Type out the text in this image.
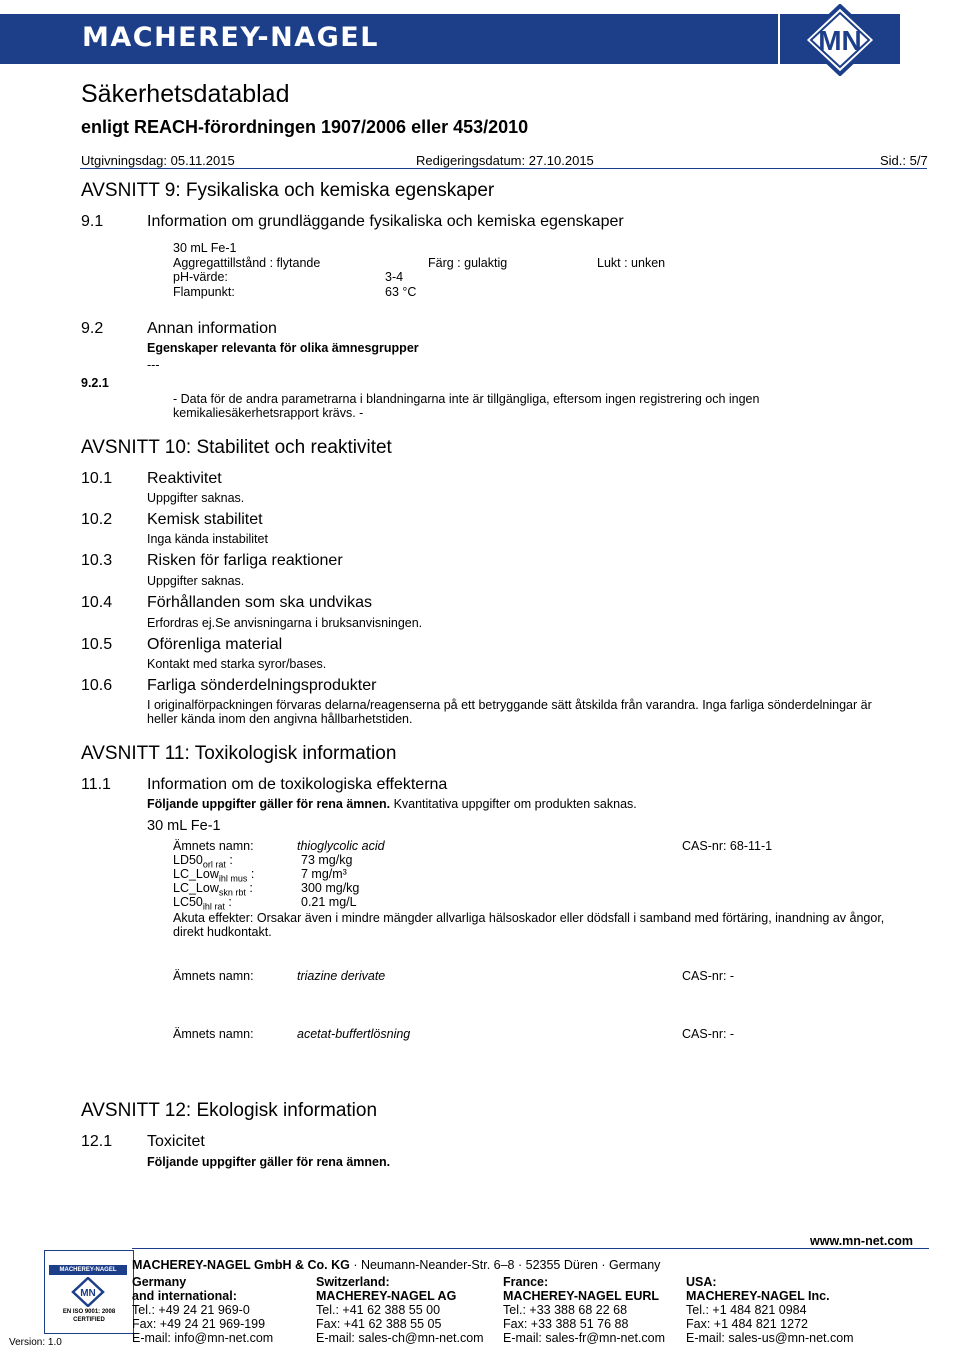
MACHEREY-NAGEL	MN
Säkerhetsdatablad
enligt REACH-förordningen 1907/2006 eller 453/2010
Utgivningsdag: 05.11.2015	Redigeringsdatum: 27.10.2015	Sid.: 5/7
AVSNITT 9: Fysikaliska och kemiska egenskaper
9.1	Information om grundläggande fysikaliska och kemiska egenskaper
30 mL Fe-1
Aggregattillstånd : flytande	Färg : gulaktig	Lukt : unken
pH-värde:	3-4
Flampunkt:	63 °C
9.2	Annan information
Egenskaper relevanta för olika ämnesgrupper
---
9.2.1
- Data för de andra parametrarna i blandningarna inte är tillgängliga, eftersom ingen registrering och ingen
kemikaliesäkerhetsrapport krävs. -
AVSNITT 10: Stabilitet och reaktivitet
10.1 Reaktivitet
Uppgifter saknas.
10.2 Kemisk stabilitet
Inga kända instabilitet
10.3 Risken för farliga reaktioner
Uppgifter saknas.
10.4 Förhållanden som ska undvikas
Erfordras ej.Se anvisningarna i bruksanvisningen.
10.5 Oförenliga material
Kontakt med starka syror/bases.
10.6 Farliga sönderdelningsprodukter
I originalförpackningen förvaras delarna/reagenserna på ett betryggande sätt åtskilda från varandra. Inga farliga sönderdelningar är
heller kända inom den angivna hållbarhetstiden.
AVSNITT 11: Toxikologisk information
11.1 Information om de toxikologiska effekterna
Följande uppgifter gäller för rena ämnen. Kvantitativa uppgifter om produkten saknas.
30 mL Fe-1
Ämnets namn:	thioglycolic acid	CAS-nr: 68-11-1
$LD50_{orl rat}$ :	73 mg/kg
LC_Low$_{ihl mus}$ :	7 mg/m³
LC_Low$_{skn rbt}$ :	300 mg/kg
$LC50_{ihl rat}$ :	0.21 mg/L
Akuta effekter: Orsakar även i mindre mängder allvarliga hälsoskador eller dödsfall i samband med förtäring, inandning av ångor,
direkt hudkontakt.
Ämnets namn:	triazine derivate	CAS-nr: -
Ämnets namn:	acetat-buffertlösning	CAS-nr: -
AVSNITT 12: Ekologisk information
12.1 Toxicitet
Följande uppgifter gäller för rena ämnen.
MACHEREY-NAGEL
MN
EN ISO 9001: 2008
CERTIFIED
Version: 1.0
www.mn-net.com
MACHEREY-NAGEL GmbH & Co. KG · Neumann-Neander-Str. 6–8 · 52355 Düren · Germany
Germany
and international:
Tel.: +49 24 21 969-0
Fax: +49 24 21 969-199
E-mail: info@mn-net.com
Switzerland:
MACHEREY-NAGEL AG
Tel.: +41 62 388 55 00
Fax: +41 62 388 55 05
E-mail: sales-ch@mn-net.com
France:
MACHEREY-NAGEL EURL
Tel.: +33 388 68 22 68
Fax: +33 388 51 76 88
E-mail: sales-fr@mn-net.com
USA:
MACHEREY-NAGEL Inc.
Tel.: +1 484 821 0984
Fax: +1 484 821 1272
E-mail: sales-us@mn-net.com
